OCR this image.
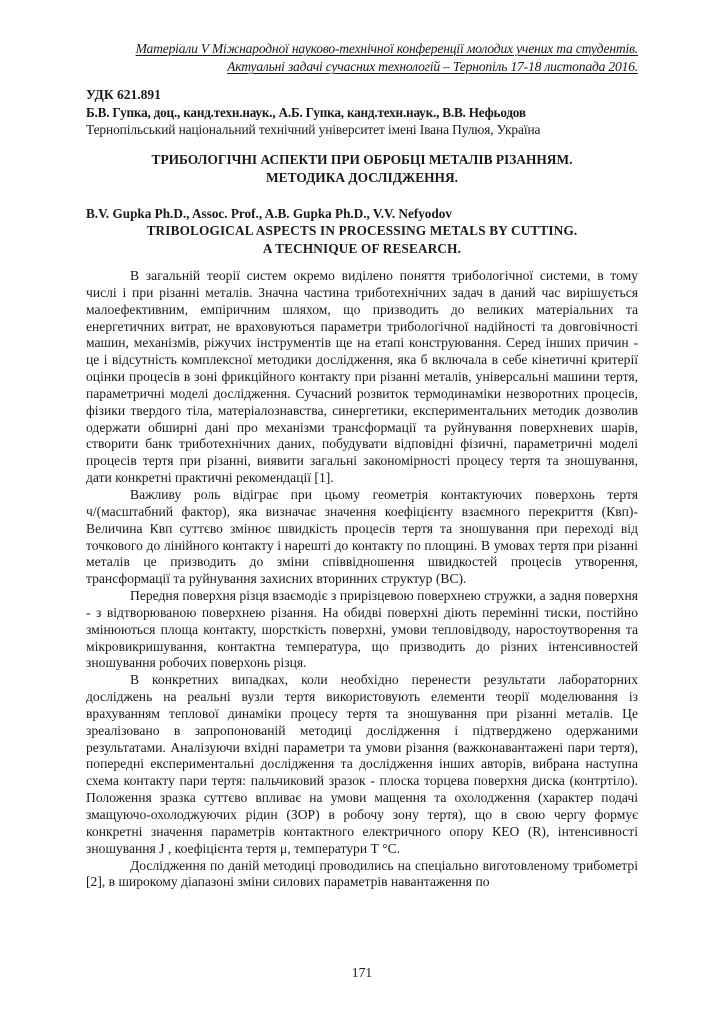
Матеріали V Міжнародної науково-технічної конференції молодих учених та студентів.
Актуальні задачі сучасних технологій – Тернопіль 17-18 листопада 2016.
УДК 621.891
Б.В. Гупка, доц., канд.техн.наук., А.Б. Гупка, канд.техн.наук., В.В. Нефьодов
Тернопільський національний технічний університет імені Івана Пулюя, Україна
ТРИБОЛОГІЧНІ АСПЕКТИ ПРИ ОБРОБЦІ МЕТАЛІВ РІЗАННЯМ.
МЕТОДИКА ДОСЛІДЖЕННЯ.
B.V. Gupka Ph.D., Assoc. Prof., A.B. Gupka Ph.D., V.V. Nefyodov
TRIBOLOGICAL ASPECTS IN PROCESSING METALS BY CUTTING.
A TECHNIQUE OF RESEARCH.

В загальній теорії систем окремо виділено поняття трибологічної системи, в тому числі і при різанні металів. Значна частина триботехнічних задач в даний час вирішується малоефективним, емпіричним шляхом, що призводить до великих матеріальних та енергетичних витрат, не враховуються параметри трибологічної надійності та довговічності машин, механізмів, ріжучих інструментів ще на етапі конструювання. Серед інших причин - це і відсутність комплексної методики дослідження, яка б включала в себе кінетичні критерії оцінки процесів в зоні фрикційного контакту при різанні металів, універсальні машини тертя, параметричні моделі дослідження. Сучасний розвиток термодинаміки незворотних процесів, фізики твердого тіла, матеріалознавства, синергетики, експериментальних методик дозволив одержати обширні дані про механізми трансформації та руйнування поверхневих шарів, створити банк триботехнічних даних, побудувати відповідні фізичні, параметричні моделі процесів тертя при різанні, виявити загальні закономірності процесу тертя та зношування, дати конкретні практичні рекомендації [1].

Важливу роль відіграє при цьому геометрія контактуючих поверхонь тертя ч/(масштабний фактор), яка визначає значення коефіцієнту взаємного перекриття (Квп)- Величина Квп суттєво змінює швидкість процесів тертя та зношування при переході від точкового до лінійного контакту і нарешті до контакту по площині. В умовах тертя при різанні металів це призводить до зміни співвідношення швидкостей процесів утворення, трансформації та руйнування захисних вторинних структур (ВС).

Передня поверхня різця взаємодіє з прирізцевою поверхнею стружки, а задня поверхня - з відтворюваною поверхнею різання. На обидві поверхні діють перемінні тиски, постійно змінюються площа контакту, шорсткість поверхні, умови тепловідводу, наростоутворення та мікровикришування, контактна температура, що призводить до різних інтенсивностей зношування робочих поверхонь різця.

В конкретних випадках, коли необхідно перенести результати лабораторних досліджень на реальні вузли тертя використовують елементи теорії моделювання із врахуванням теплової динаміки процесу тертя та зношування при різанні металів. Це зреалізовано в запропонованій методиці дослідження і підтверджено одержаними результатами. Аналізуючи вхідні параметри та умови різання (важконавантажені пари тертя), попередні експериментальні дослідження та дослідження інших авторів, вибрана наступна схема контакту пари тертя: пальчиковий зразок - плоска торцева поверхня диска (контртіло). Положення зразка суттєво впливає на умови мащення та охолодження (характер подачі змащуючо-охолоджуючих рідин (ЗОР) в робочу зону тертя), що в свою чергу формує конкретні значення параметрів контактного електричного опору КЕО (R), інтенсивності зношування J , коефіцієнта тертя μ, температури Т °С.

Дослідження по даній методиці проводились на спеціально виготовленому трибометрі [2], в широкому діапазоні зміни силових параметрів навантаження по

171
